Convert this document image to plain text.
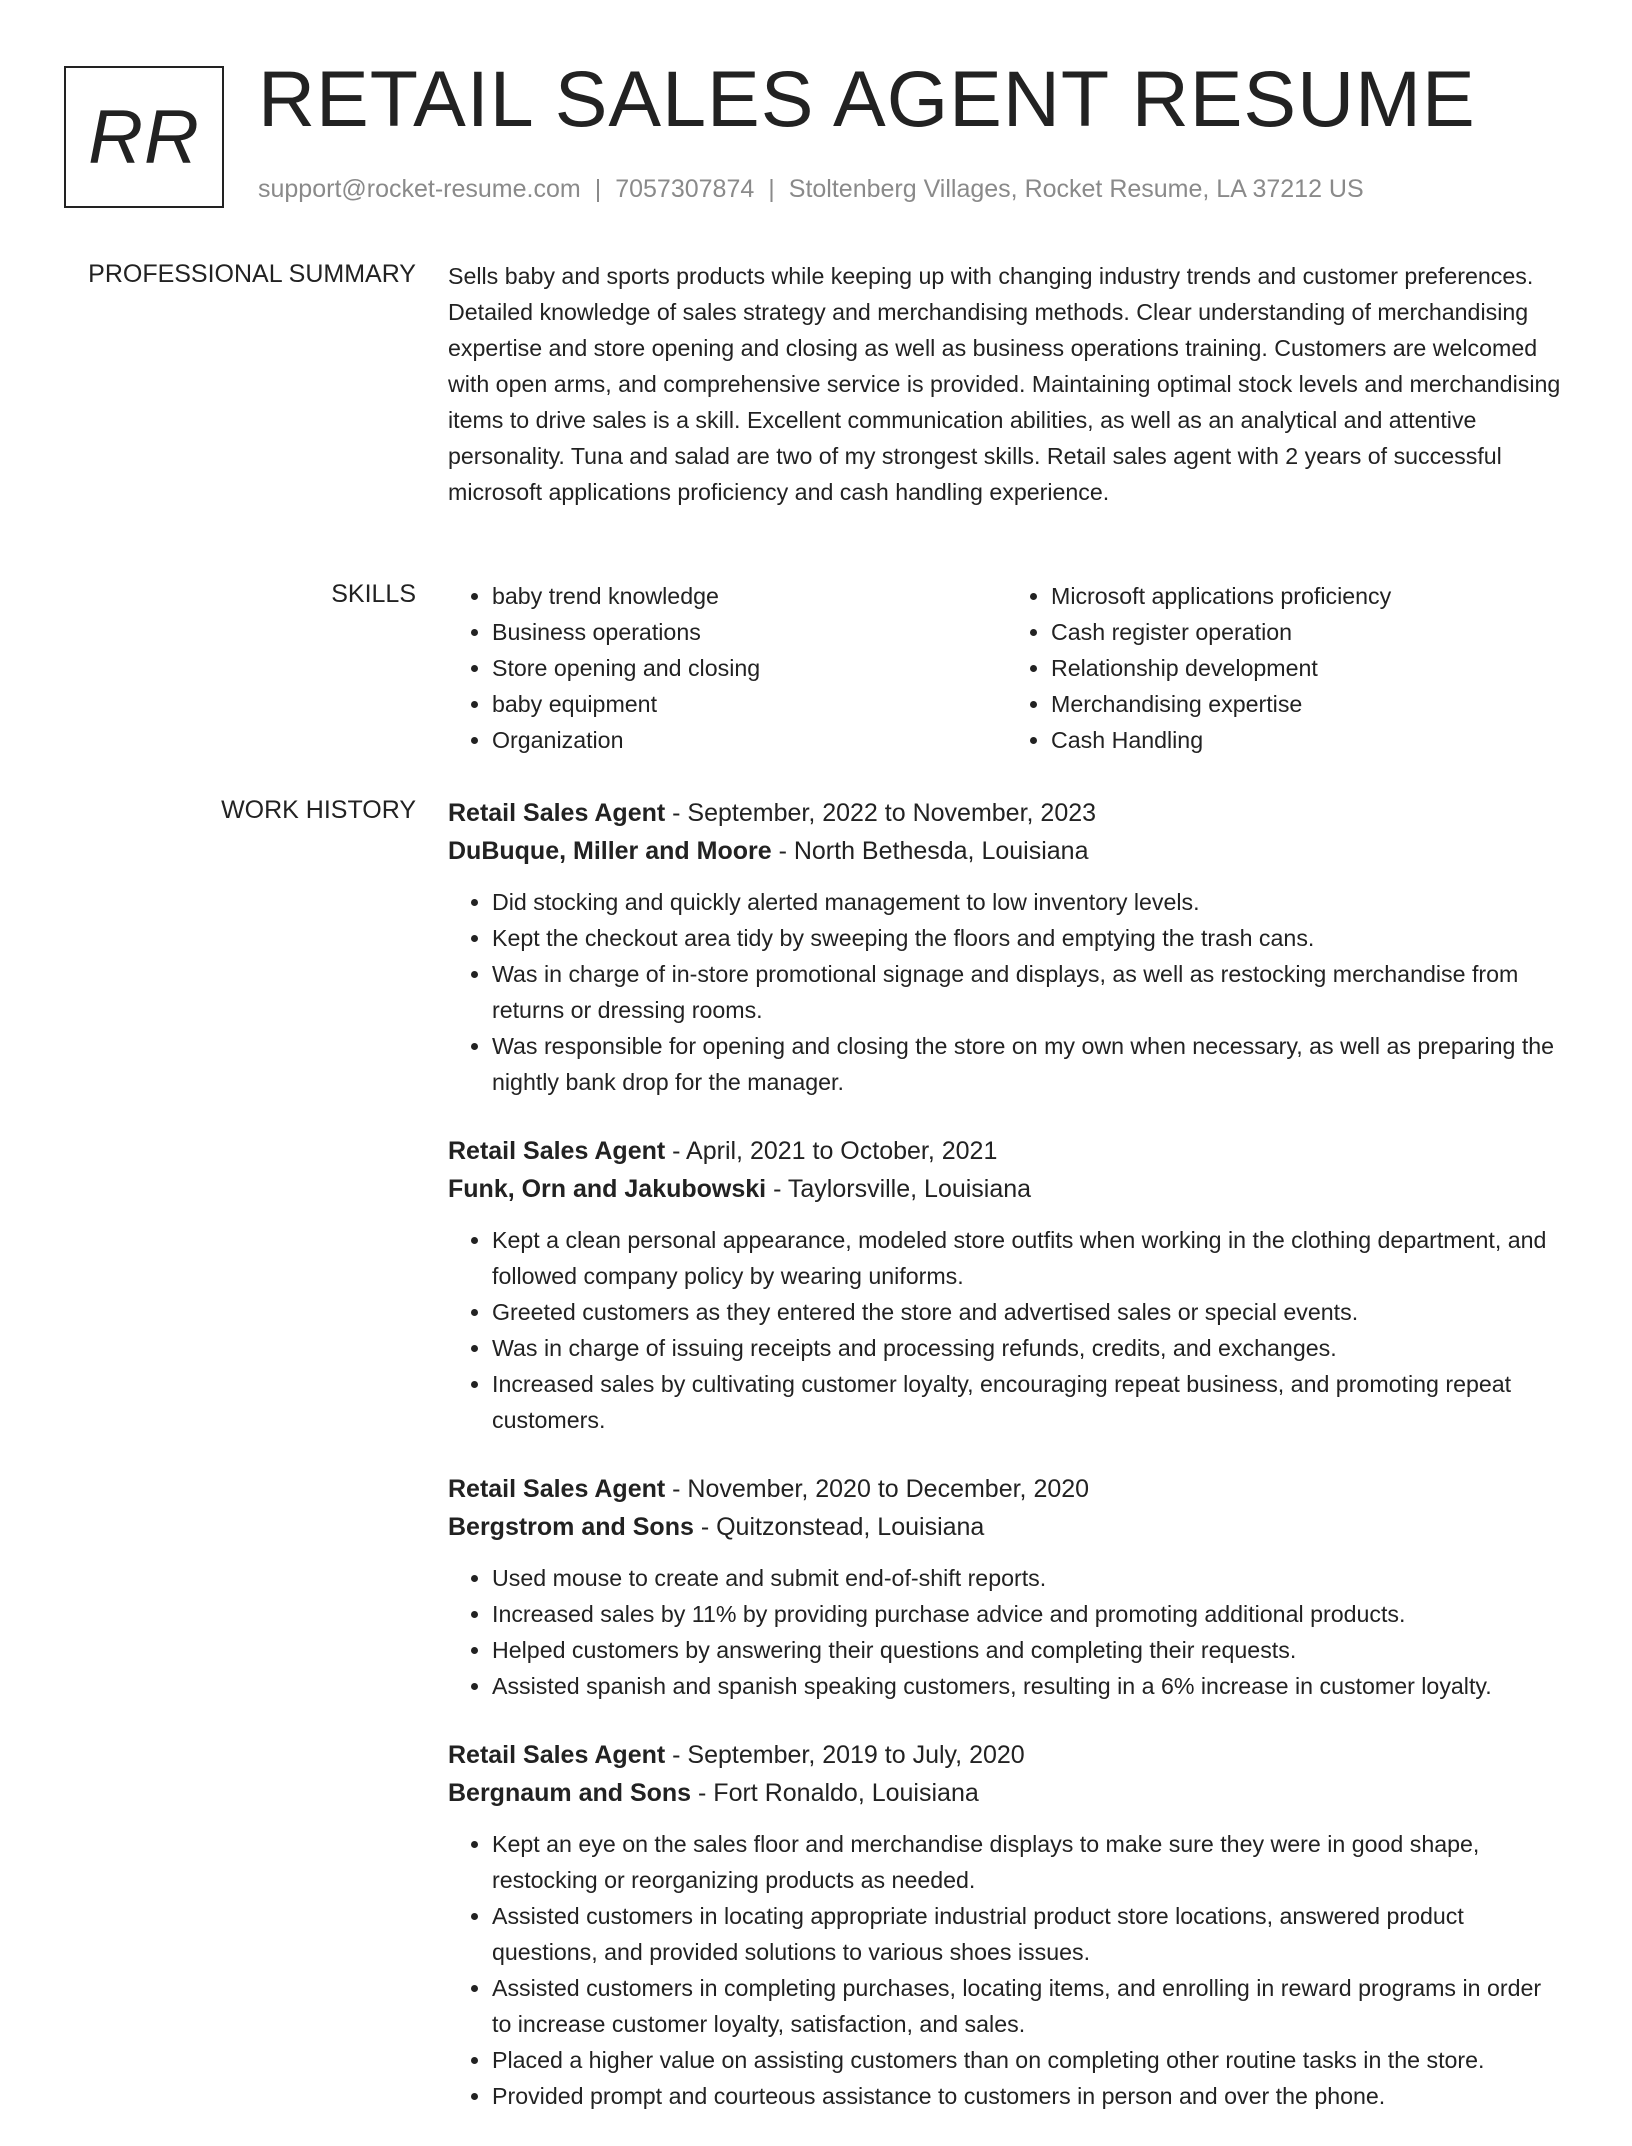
RR RETAIL SALES AGENT RESUME
support@rocket-resume.com | 7057307874 | Stoltenberg Villages, Rocket Resume, LA 37212 US
PROFESSIONAL SUMMARY Sells baby and sports products while keeping up with changing industry trends and customer preferences. Detailed knowledge of sales strategy and merchandising methods. Clear understanding of merchandising expertise and store opening and closing as well as business operations training. Customers are welcomed with open arms, and comprehensive service is provided. Maintaining optimal stock levels and merchandising items to drive sales is a skill. Excellent communication abilities, as well as an analytical and attentive personality. Tuna and salad are two of my strongest skills. Retail sales agent with 2 years of successful microsoft applications proficiency and cash handling experience.

SKILLS
•	baby trend knowledge
• Business operations
• Store opening and closing
• baby equipment
• Organization
• Microsoft applications proficiency
• Cash register operation
• Relationship development
• Merchandising expertise
• Cash Handling
WORK HISTORY Retail Sales Agent - September, 2022 to November, 2023
DuBuque, Miller and Moore - North Bethesda, Louisiana
• Did stocking and quickly alerted management to low inventory levels.
• Kept the checkout area tidy by sweeping the floors and emptying the trash cans.
• Was in charge of in-store promotional signage and displays, as well as restocking merchandise from returns or dressing rooms.
• Was responsible for opening and closing the store on my own when necessary, as well as preparing the nightly bank drop for the manager.
Retail Sales Agent - April, 2021 to October, 2021
Funk, Orn and Jakubowski - Taylorsville, Louisiana
• Kept a clean personal appearance, modeled store outfits when working in the clothing department, and followed company policy by wearing uniforms.
• Greeted customers as they entered the store and advertised sales or special events.
• Was in charge of issuing receipts and processing refunds, credits, and exchanges.
• Increased sales by cultivating customer loyalty, encouraging repeat business, and promoting repeat customers.
Retail Sales Agent - November, 2020 to December, 2020
Bergstrom and Sons - Quitzonstead, Louisiana
• Used mouse to create and submit end-of-shift reports.
• Increased sales by 11% by providing purchase advice and promoting additional products.
• Helped customers by answering their questions and completing their requests.
• Assisted spanish and spanish speaking customers, resulting in a 6% increase in customer loyalty.
Retail Sales Agent - September, 2019 to July, 2020
Bergnaum and Sons - Fort Ronaldo, Louisiana
• Kept an eye on the sales floor and merchandise displays to make sure they were in good shape, restocking or reorganizing products as needed.
• Assisted customers in locating appropriate industrial product store locations, answered product questions, and provided solutions to various shoes issues.
• Assisted customers in completing purchases, locating items, and enrolling in reward programs in order to increase customer loyalty, satisfaction, and sales.
• Placed a higher value on assisting customers than on completing other routine tasks in the store.
• Provided prompt and courteous assistance to customers in person and over the phone.
